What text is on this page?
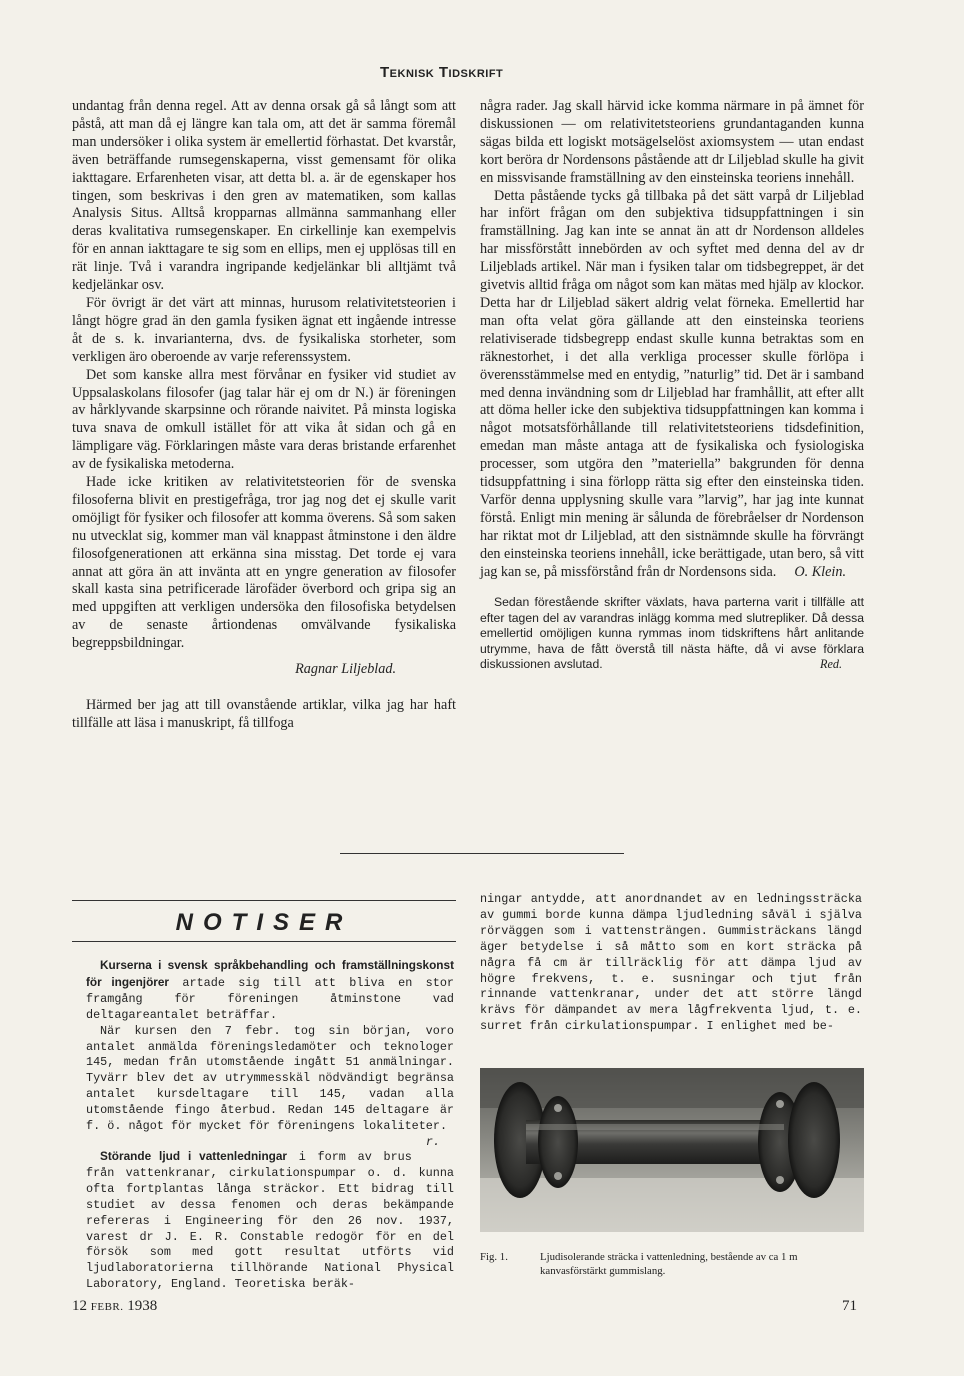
Teknisk Tidskrift

undantag från denna regel. Att av denna orsak gå så långt som att påstå, att man då ej längre kan tala om, att det är samma föremål man undersöker i olika system är emellertid förhastat. Det kvarstår, även beträffande rumsegenskaperna, visst gemensamt för olika iakttagare. Erfarenheten visar, att detta bl. a. är de egenskaper hos tingen, som beskrivas i den gren av matematiken, som kallas Analysis Situs. Alltså kropparnas allmänna sammanhang eller deras kvalitativa rumsegenskaper. En cirkellinje kan exempelvis för en annan iakttagare te sig som en ellips, men ej upplösas till en rät linje. Två i varandra ingripande kedjelänkar bli alltjämt två kedjelänkar osv.

För övrigt är det värt att minnas, hurusom relativitetsteorien i långt högre grad än den gamla fysiken ägnat ett ingående intresse åt de s. k. invarianterna, dvs. de fysikaliska storheter, som verkligen äro oberoende av varje referenssystem.

Det som kanske allra mest förvånar en fysiker vid studiet av Uppsalaskolans filosofer (jag talar här ej om dr N.) är föreningen av hårklyvande skarpsinne och rörande naivitet. På minsta logiska tuva snava de omkull istället för att vika åt sidan och gå en lämpligare väg. Förklaringen måste vara deras bristande erfarenhet av de fysikaliska metoderna.

Hade icke kritiken av relativitetsteorien för de svenska filosoferna blivit en prestigefråga, tror jag nog det ej skulle varit omöjligt för fysiker och filosofer att komma överens. Så som saken nu utvecklat sig, kommer man väl knappast åtminstone i den äldre filosofgenerationen att erkänna sina misstag. Det torde ej vara annat att göra än att invänta att en yngre generation av filosofer skall kasta sina petrificerade lärofäder överbord och gripa sig an med uppgiften att verkligen undersöka den filosofiska betydelsen av de senaste årtiondenas omvälvande fysikaliska begreppsbildningar.

Ragnar Liljeblad.

Härmed ber jag att till ovanstående artiklar, vilka jag har haft tillfälle att läsa i manuskript, få tillfoga

några rader. Jag skall härvid icke komma närmare in på ämnet för diskussionen — om relativitetsteoriens grundantaganden kunna sägas bilda ett logiskt motsägelselöst axiomsystem — utan endast kort beröra dr Nordensons påstående att dr Liljeblad skulle ha givit en missvisande framställning av den einsteinska teoriens innehåll.

Detta påstående tycks gå tillbaka på det sätt varpå dr Liljeblad har infört frågan om den subjektiva tidsuppfattningen i sin framställning. Jag kan inte se annat än att dr Nordenson alldeles har missförstått innebörden av och syftet med denna del av dr Liljeblads artikel. När man i fysiken talar om tidsbegreppet, är det givetvis alltid fråga om något som kan mätas med hjälp av klockor. Detta har dr Liljeblad säkert aldrig velat förneka. Emellertid har man ofta velat göra gällande att den einsteinska teoriens relativiserade tidsbegrepp endast skulle kunna betraktas som en räknestorhet, i det alla verkliga processer skulle förlöpa i överensstämmelse med en entydig, ”naturlig” tid. Det är i samband med denna invändning som dr Liljeblad har framhållit, att efter allt att döma heller icke den subjektiva tidsuppfattningen kan komma i något motsatsförhållande till relativitetsteoriens tidsdefinition, emedan man måste antaga att de fysikaliska och fysiologiska processer, som utgöra den ”materiella” bakgrunden för denna tidsuppfattning i sina förlopp rätta sig efter den einsteinska tiden. Varför denna upplysning skulle vara ”larvig”, har jag inte kunnat förstå. Enligt min mening är sålunda de förebråelser dr Nordenson har riktat mot dr Liljeblad, att den sistnämnde skulle ha förvrängt den einsteinska teoriens innehåll, icke berättigade, utan bero, så vitt jag kan se, på missförstånd från dr Nordensons sida.	O. Klein.

Sedan förestående skrifter växlats, hava parterna varit i tillfälle att efter tagen del av varandras inlägg komma med slutrepliker. Då dessa emellertid omöjligen kunna rymmas inom tidskriftens hårt anlitande utrymme, hava de fått överstå till nästa häfte, då vi avse förklara diskussionen avslutad.	Red.

NOTISER

Kurserna i svensk språkbehandling och framställningskonst för ingenjörer artade sig till att bliva en stor framgång för föreningen åtminstone vad deltagareantalet beträffar.

När kursen den 7 febr. tog sin början, voro antalet anmälda föreningsledamöter och teknologer 145, medan från utomstående ingått 51 anmälningar. Tyvärr blev det av utrymmesskäl nödvändigt begränsa antalet kursdeltagare till 145, vadan alla utomstående fingo återbud. Redan 145 deltagare är f. ö. något för mycket för föreningens lokaliteter.
r.

Störande ljud i vattenledningar i form av brus från vattenkranar, cirkulationspumpar o. d. kunna ofta fortplantas långa sträckor. Ett bidrag till studiet av dessa fenomen och deras bekämpande refereras i Engineering för den 26 nov. 1937, varest dr J. E. R. Constable redogör för en del försök som med gott resultat utförts vid ljudlaboratorierna tillhörande National Physical Laboratory, England. Teoretiska beräk-

ningar antydde, att anordnandet av en ledningssträcka av gummi borde kunna dämpa ljudledning såväl i själva rörväggen som i vattensträngen. Gummisträckans längd äger betydelse i så måtto som en kort sträcka på några få cm är tillräcklig för att dämpa ljud av högre frekvens, t. e. susningar och tjut från rinnande vattenkranar, under det att större längd krävs för dämpandet av mera lågfrekventa ljud, t. e. surret från cirkulationspumpar. I enlighet med be-

Fig. 1.	Ljudisolerande sträcka i vattenledning, bestående av ca 1 m kanvasförstärkt gummislang.
12 FEBR. 1938	71
